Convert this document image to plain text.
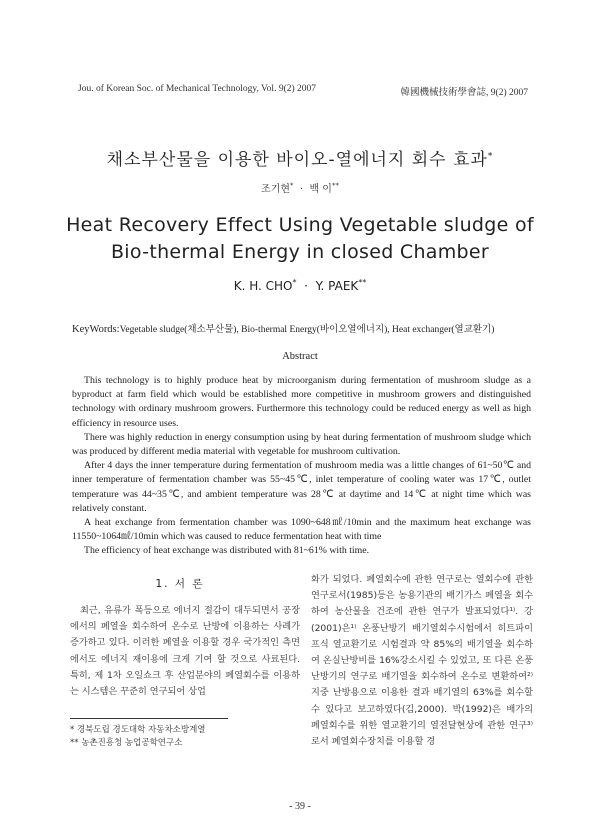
Jou. of Korean Soc. of Mechanical Technology, Vol. 9(2) 2007	韓國機械技術學會誌, 9(2) 2007
채소부산물을 이용한 바이오-열에너지 회수 효과*
조기현* · 백 이**
Heat Recovery Effect Using Vegetable sludge of
Bio-thermal Energy in closed Chamber
K. H. CHO* · Y. PAEK**
KeyWords:Vegetable sludge(채소부산물), Bio-thermal Energy(바이오열에너지), Heat exchanger(열교환기)
Abstract

This technology is to highly produce heat by microorganism during fermentation of mushroom sludge as a byproduct at farm field which would be established more competitive in mushroom growers and distinguished technology with ordinary mushroom growers. Furthermore this technology could be reduced energy as well as high efficiency in resource uses.

There was highly reduction in energy consumption using by heat during fermentation of mushroom sludge which was produced by different media material with vegetable for mushroom cultivation.

After 4 days the inner temperature during fermentation of mushroom media was a little changes of 61~50℃ and inner temperature of fermentation chamber was 55~45℃, inlet temperature of cooling water was 17℃, outlet temperature was 44~35℃, and ambient temperature was 28℃ at daytime and 14℃ at night time which was relatively constant.

A heat exchange from fermentation chamber was 1090~648㎖/10min and the maximum heat exchange was 11550~1064㎖/10min which was caused to reduce fermentation heat with time

The efficiency of heat exchange was distributed with 81~61% with time.

1. 서 론

최근, 유류가 폭등으로 에너지 절감이 대두되면서 공장에서의 폐열을 회수하여 온수로 난방에 이용하는 사례가 증가하고 있다. 이러한 폐열을 이용할 경우 국가적인 측면에서도 에너지 재이용에 크게 기여 할 것으로 사료된다. 특히, 제 1차 오일쇼크 후 산업분야의 폐열회수를 이용하는 시스템은 꾸준히 연구되어 상업

화가 되었다. 폐열회수에 관한 연구로는 열회수에 관한 연구로서(1985)등은 농용기관의 배기가스 폐열을 회수하여 농산물을 건조에 관한 연구가 발표되었다¹⁾. 강(2001)은¹⁾ 온풍난방기 배기열회수시험에서 히트파이프식 열교환기로 시험결과 약 85%의 배기열을 회수하여 온실난방비를 16%강소시킬 수 있었고, 또 다른 온풍난방기의 연구로 배기열을 회수하여 온수로 변환하여²⁾ 지중 난방용으로 이용한 결과 배기열의 63%를 회수할 수 있다고 보고하였다(김,2000). 박(1992)은 배가의 폐열회수를 위한 열교환기의 열전달현상에 관한 연구³⁾로서 폐열회수장치를 이용할 경

* 경북도립 경도대학 자동차소방계열
** 농촌진흥청 농업공학연구소
- 39 -
